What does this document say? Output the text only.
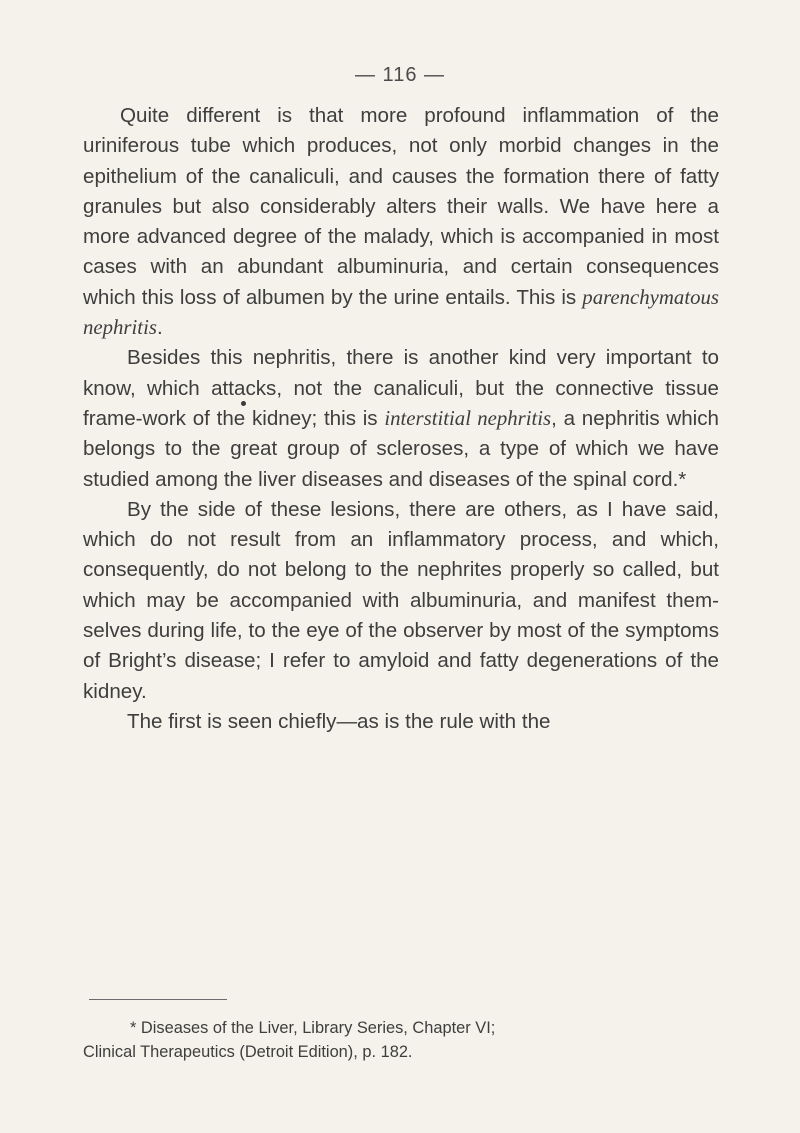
— 116 —

Quite different is that more profound inflammation of the uriniferous tube which produces, not only morbid changes in the epithelium of the canaliculi, and causes the formation there of fatty granules but also considerably alters their walls. We have here a more advanced degree of the malady, which is accompanied in most cases with an abundant albuminuria, and certain consequences which this loss of albumen by the urine entails. This is parenchymatous nephritis.

Besides this nephritis, there is another kind very important to know, which attacks, not the canaliculi, but the connective tissue frame-work of the kidney; this is interstitial nephritis, a nephritis which belongs to the great group of scleroses, a type of which we have studied among the liver diseases and diseases of the spinal cord.*

By the side of these lesions, there are others, as I have said, which do not result from an inflammatory process, and which, consequently, do not belong to the nephrites properly so called, but which may be accompanied with albuminuria, and manifest themselves during life, to the eye of the observer by most of the symptoms of Bright’s disease; I refer to amyloid and fatty degenerations of the kidney.

The first is seen chiefly—as is the rule with the

* Diseases of the Liver, Library Series, Chapter VI;

Clinical Therapeutics (Detroit Edition), p. 182.
